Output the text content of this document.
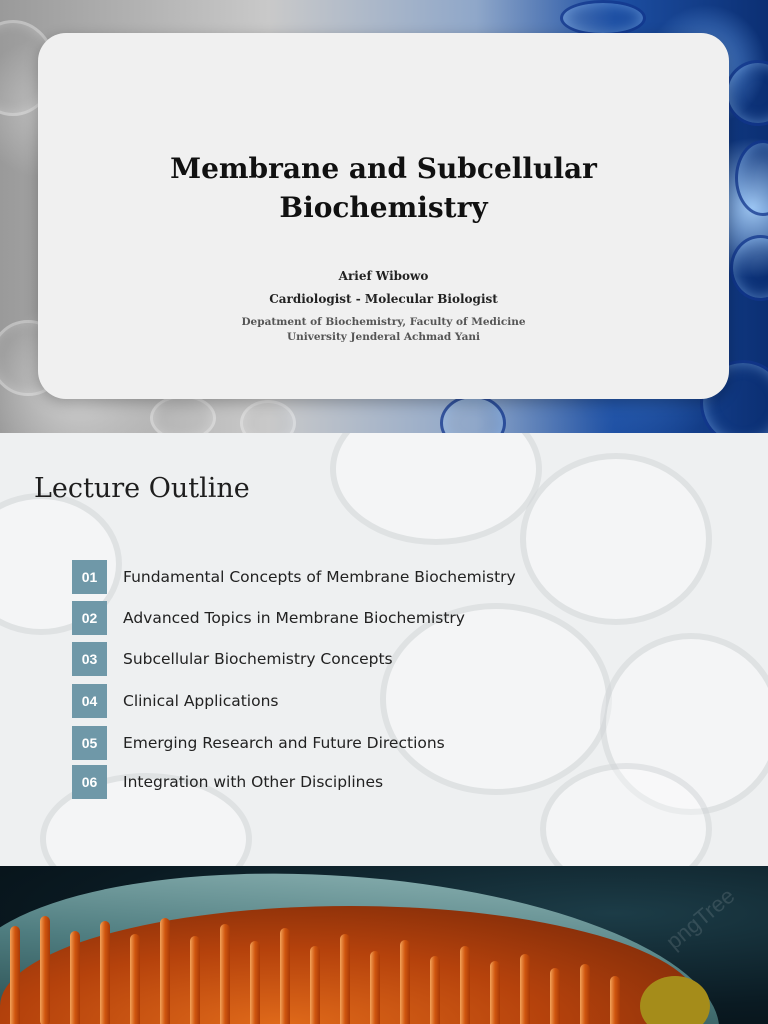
Membrane and Subcellular
Biochemistry
Arief Wibowo
Cardiologist - Molecular Biologist
Depatment of Biochemistry, Faculty of Medicine
University Jenderal Achmad Yani
Lecture Outline
01	Fundamental Concepts of Membrane Biochemistry
02	Advanced Topics in Membrane Biochemistry
03	Subcellular Biochemistry Concepts
04	Clinical Applications
05	Emerging Research and Future Directions
06	Integration with Other Disciplines
pngTree
